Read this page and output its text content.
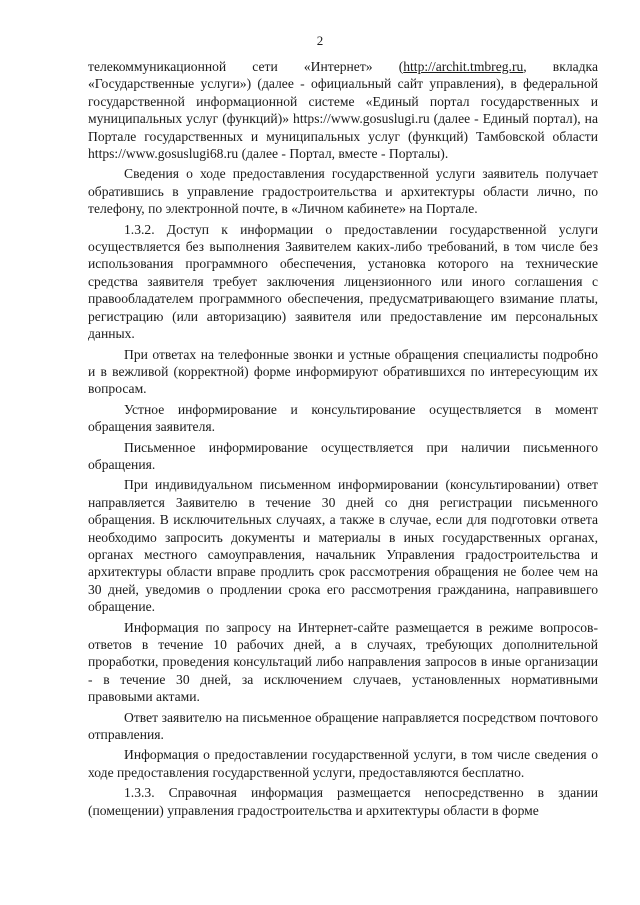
2

телекоммуникационной сети «Интернет» (http://archit.tmbreg.ru, вкладка «Государственные услуги») (далее - официальный сайт управления), в федеральной государственной информационной системе «Единый портал государственных и муниципальных услуг (функций)» https://www.gosuslugi.ru (далее - Единый портал), на Портале государственных и муниципальных услуг (функций) Тамбовской области https://www.gosuslugi68.ru (далее - Портал, вместе - Порталы).

Сведения о ходе предоставления государственной услуги заявитель получает обратившись в управление градостроительства и архитектуры области лично, по телефону, по электронной почте, в «Личном кабинете» на Портале.

1.3.2. Доступ к информации о предоставлении государственной услуги осуществляется без выполнения Заявителем каких-либо требований, в том числе без использования программного обеспечения, установка которого на технические средства заявителя требует заключения лицензионного или иного соглашения с правообладателем программного обеспечения, предусматривающего взимание платы, регистрацию (или авторизацию) заявителя или предоставление им персональных данных.

При ответах на телефонные звонки и устные обращения специалисты подробно и в вежливой (корректной) форме информируют обратившихся по интересующим их вопросам.

Устное информирование и консультирование осуществляется в момент обращения заявителя.

Письменное информирование осуществляется при наличии письменного обращения.

При индивидуальном письменном информировании (консультировании) ответ направляется Заявителю в течение 30 дней со дня регистрации письменного обращения. В исключительных случаях, а также в случае, если для подготовки ответа необходимо запросить документы и материалы в иных государственных органах, органах местного самоуправления, начальник Управления градостроительства и архитектуры области вправе продлить срок рассмотрения обращения не более чем на 30 дней, уведомив о продлении срока его рассмотрения гражданина, направившего обращение.

Информация по запросу на Интернет-сайте размещается в режиме вопросов-ответов в течение 10 рабочих дней, а в случаях, требующих дополнительной проработки, проведения консультаций либо направления запросов в иные организации - в течение 30 дней, за исключением случаев, установленных нормативными правовыми актами.

Ответ заявителю на письменное обращение направляется посредством почтового отправления.

Информация о предоставлении государственной услуги, в том числе сведения о ходе предоставления государственной услуги, предоставляются бесплатно.

1.3.3. Справочная информация размещается непосредственно в здании (помещении) управления градостроительства и архитектуры области в форме
